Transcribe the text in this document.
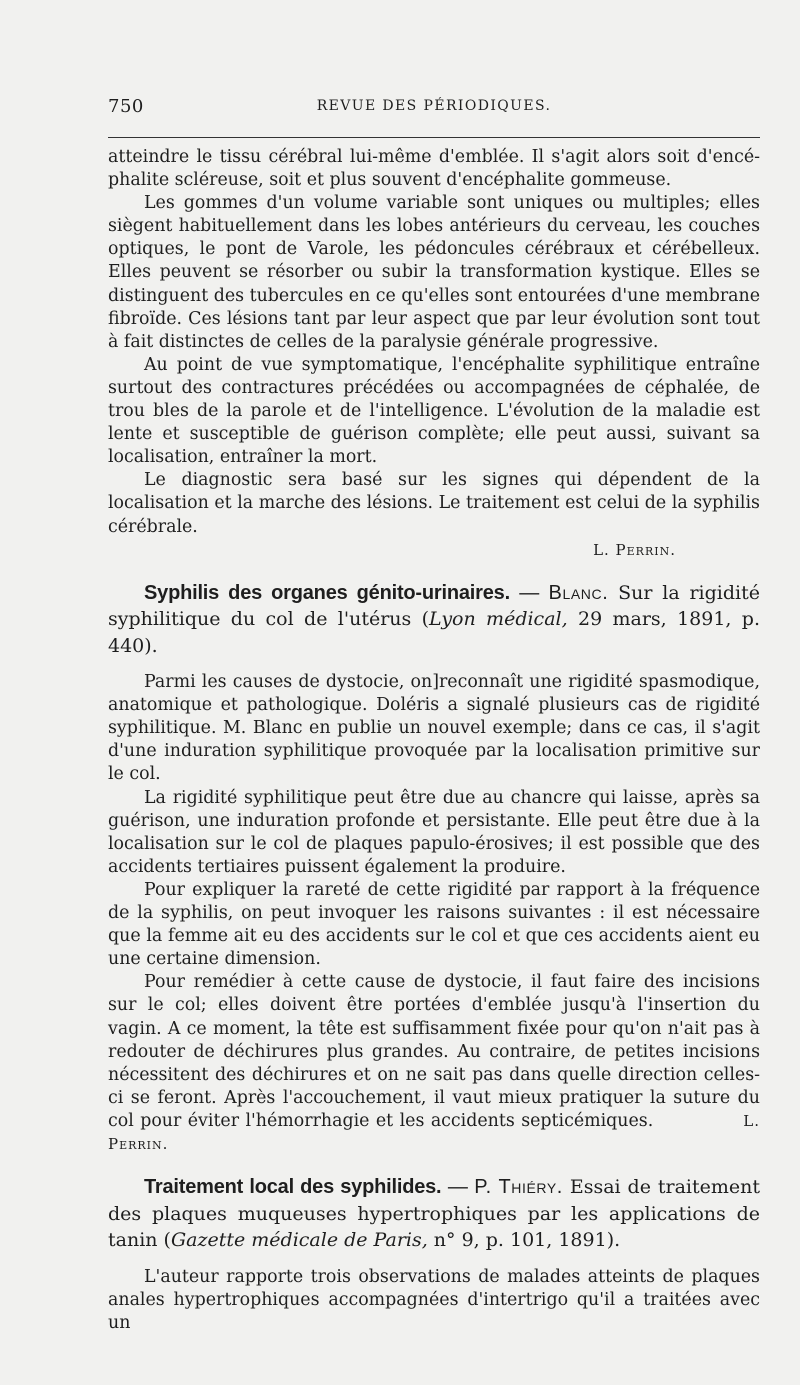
750	REVUE DES PÉRIODIQUES.

atteindre le tissu cérébral lui-même d'emblée. Il s'agit alors soit d'encéphalite scléreuse, soit et plus souvent d'encéphalite gommeuse.

Les gommes d'un volume variable sont uniques ou multiples; elles siègent habituellement dans les lobes antérieurs du cerveau, les couches optiques, le pont de Varole, les pédoncules cérébraux et cérébelleux. Elles peuvent se résorber ou subir la transformation kystique. Elles se distinguent des tubercules en ce qu'elles sont entourées d'une membrane fibroïde. Ces lésions tant par leur aspect que par leur évolution sont tout à fait distinctes de celles de la paralysie générale progressive.

Au point de vue symptomatique, l'encéphalite syphilitique entraîne surtout des contractures précédées ou accompagnées de céphalée, de trou bles de la parole et de l'intelligence. L'évolution de la maladie est lente et susceptible de guérison complète; elle peut aussi, suivant sa localisation, entraîner la mort.

Le diagnostic sera basé sur les signes qui dépendent de la localisation et la marche des lésions. Le traitement est celui de la syphilis cérébrale.

L. Perrin.
Syphilis des organes génito-urinaires. — Blanc. Sur la rigidité syphilitique du col de l'utérus (Lyon médical, 29 mars, 1891, p. 440).

Parmi les causes de dystocie, on]reconnaît une rigidité spasmodique, anatomique et pathologique. Doléris a signalé plusieurs cas de rigidité syphilitique. M. Blanc en publie un nouvel exemple; dans ce cas, il s'agit d'une induration syphilitique provoquée par la localisation primitive sur le col.

La rigidité syphilitique peut être due au chancre qui laisse, après sa guérison, une induration profonde et persistante. Elle peut être due à la localisation sur le col de plaques papulo-érosives; il est possible que des accidents tertiaires puissent également la produire.

Pour expliquer la rareté de cette rigidité par rapport à la fréquence de la syphilis, on peut invoquer les raisons suivantes : il est nécessaire que la femme ait eu des accidents sur le col et que ces accidents aient eu une certaine dimension.

Pour remédier à cette cause de dystocie, il faut faire des incisions sur le col; elles doivent être portées d'emblée jusqu'à l'insertion du vagin. A ce moment, la tête est suffisamment fixée pour qu'on n'ait pas à redouter de déchirures plus grandes. Au contraire, de petites incisions nécessitent des déchirures et on ne sait pas dans quelle direction celles-ci se feront. Après l'accouchement, il vaut mieux pratiquer la suture du col pour éviter l'hémorrhagie et les accidents septicémiques.	L. Perrin.

Traitement local des syphilides. — P. Thiéry. Essai de traitement des plaques muqueuses hypertrophiques par les applications de tanin (Gazette médicale de Paris, n° 9, p. 101, 1891).

L'auteur rapporte trois observations de malades atteints de plaques anales hypertrophiques accompagnées d'intertrigo qu'il a traitées avec un
